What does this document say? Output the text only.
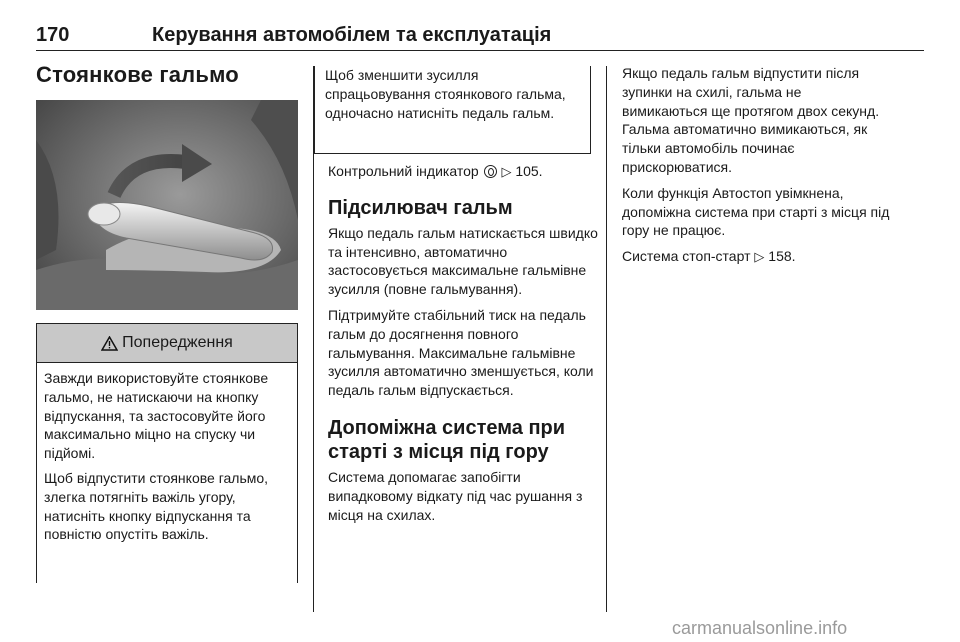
170	Керування автомобілем та експлуатація
Стоянкове гальмо
Попередження

Завжди використовуйте стоянкове гальмо, не натискаючи на кнопку відпускання, та застосовуйте його максимально міцно на спуску чи підйомі.

Щоб відпустити стоянкове гальмо, злегка потягніть важіль угору, натисніть кнопку відпускання та повністю опустіть важіль.

Щоб зменшити зусилля спрацьовування стоянкового гальма, одночасно натисніть педаль гальм.

Контрольний індикатор ▷ 105.

Підсилювач гальм

Якщо педаль гальм натискається швидко та інтенсивно, автоматично застосовується максимальне гальмівне зусилля (повне гальмування).

Підтримуйте стабільний тиск на педаль гальм до досягнення повного гальмування. Максимальне гальмівне зусилля автоматично зменшується, коли педаль гальм відпускається.

Допоміжна система при старті з місця під гору

Система допомагає запобігти випадковому відкату під час рушання з місця на схилах.

Якщо педаль гальм відпустити після зупинки на схилі, гальма не вимикаються ще протягом двох секунд. Гальма автоматично вимикаються, як тільки автомобіль починає прискорюватися.

Коли функція Автостоп увімкнена, допоміжна система при старті з місця під гору не працює.

Система стоп-старт ▷ 158.

carmanualsonline.info
